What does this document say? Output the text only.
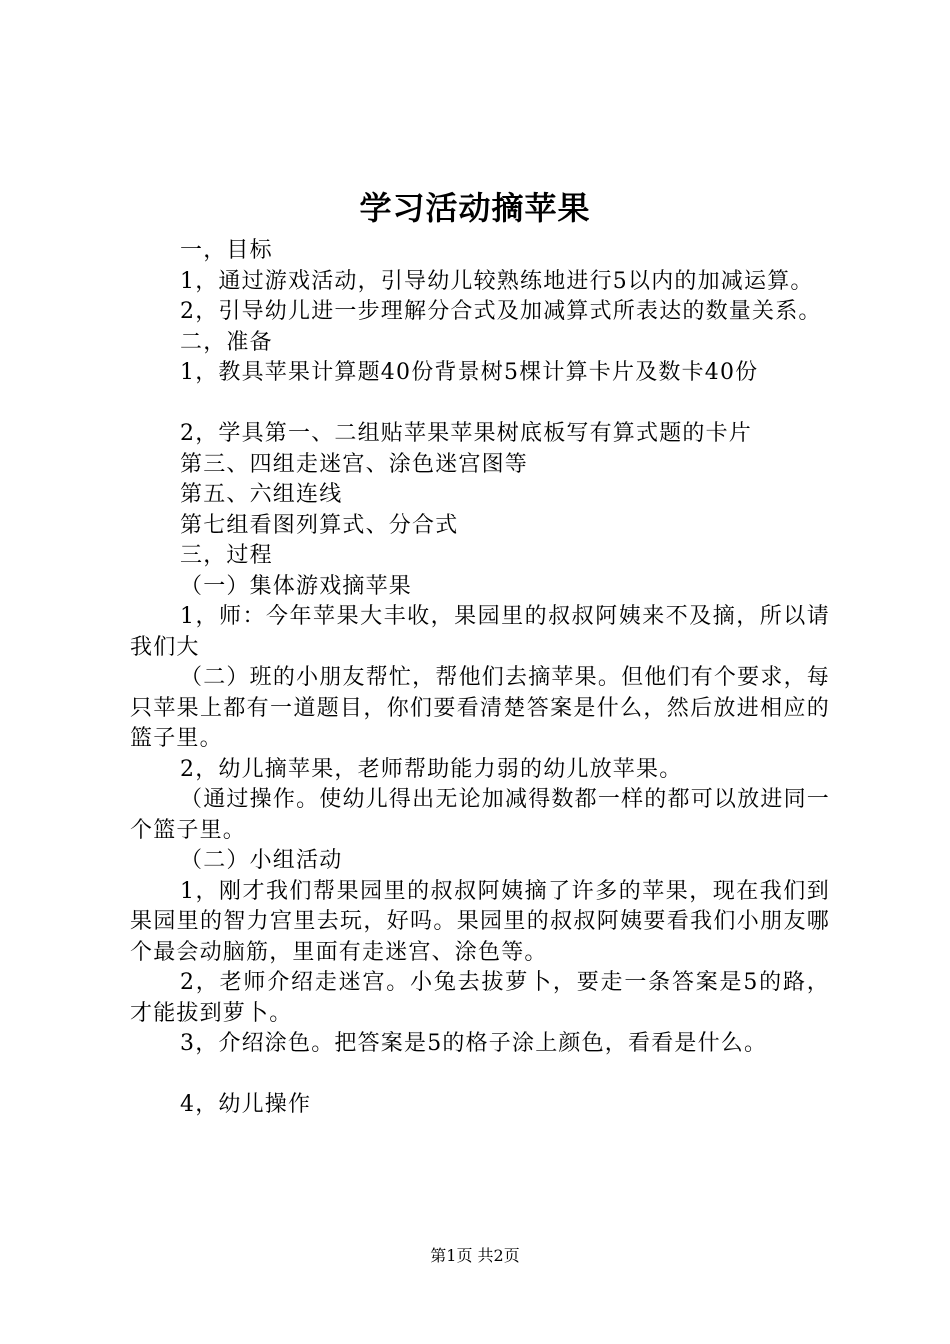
学习活动摘苹果

一，目标

1，通过游戏活动，引导幼儿较熟练地进行5以内的加减运算。

2，引导幼儿进一步理解分合式及加减算式所表达的数量关系。

二，准备

1，教具苹果计算题40份背景树5棵计算卡片及数卡40份

2，学具第一、二组贴苹果苹果树底板写有算式题的卡片

第三、四组走迷宫、涂色迷宫图等

第五、六组连线

第七组看图列算式、分合式

三，过程

（一）集体游戏摘苹果

1，师：今年苹果大丰收，果园里的叔叔阿姨来不及摘，所以请我们大

（二）班的小朋友帮忙，帮他们去摘苹果。但他们有个要求，每只苹果上都有一道题目，你们要看清楚答案是什么，然后放进相应的篮子里。

2，幼儿摘苹果，老师帮助能力弱的幼儿放苹果。

（通过操作。使幼儿得出无论加减得数都一样的都可以放进同一个篮子里。

（二）小组活动

1，刚才我们帮果园里的叔叔阿姨摘了许多的苹果，现在我们到果园里的智力宫里去玩，好吗。果园里的叔叔阿姨要看我们小朋友哪个最会动脑筋，里面有走迷宫、涂色等。

2，老师介绍走迷宫。小兔去拔萝卜，要走一条答案是5的路，才能拔到萝卜。

3，介绍涂色。把答案是5的格子涂上颜色，看看是什么。

4，幼儿操作

第1页 共2页
